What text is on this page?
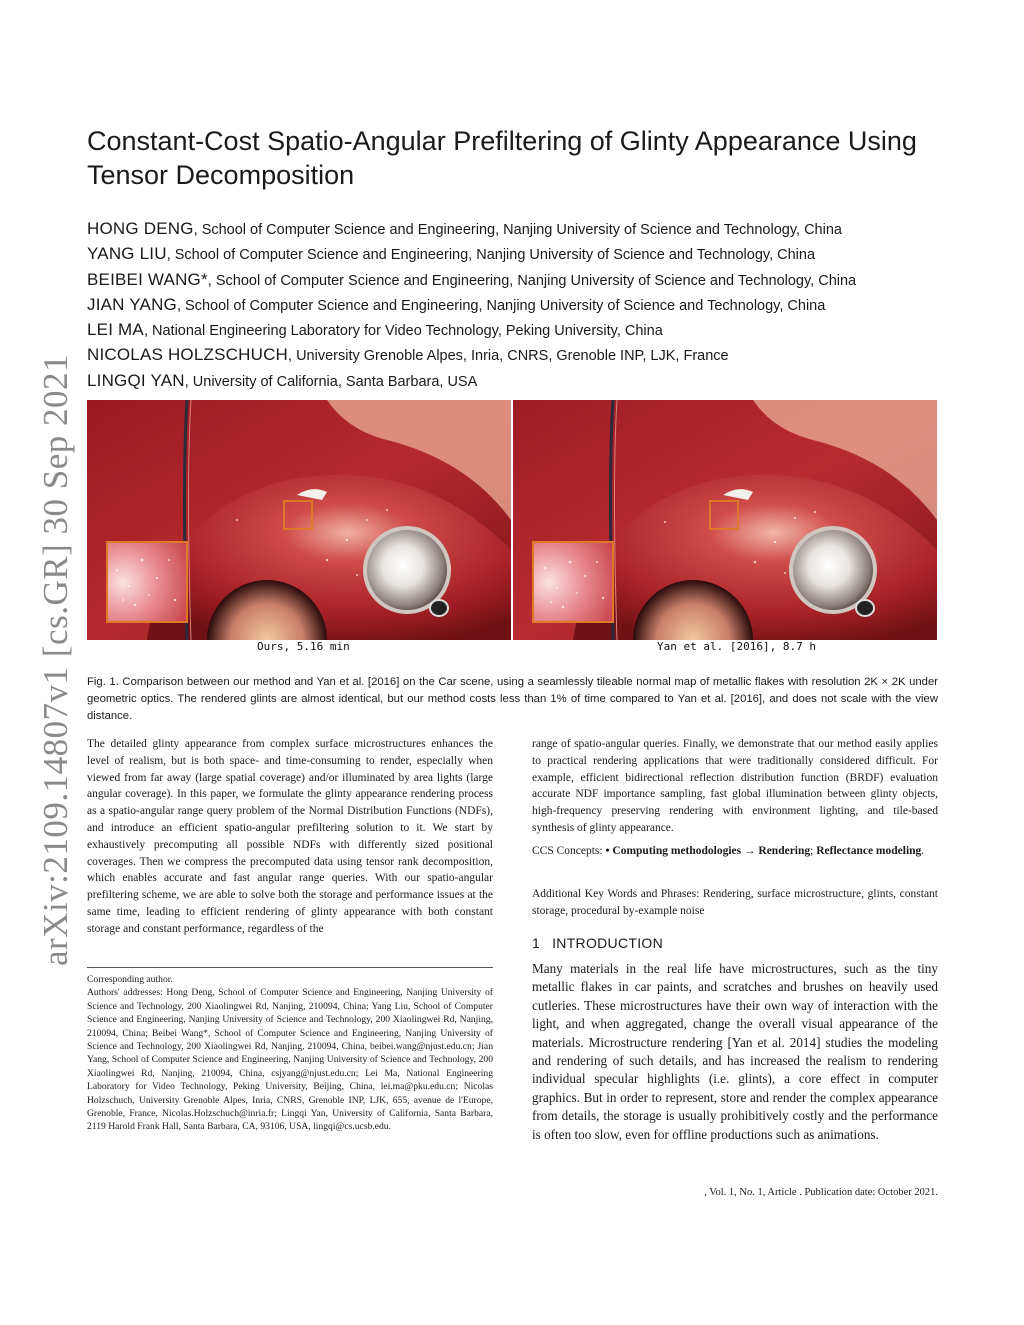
arXiv:2109.14807v1 [cs.GR] 30 Sep 2021
Constant-Cost Spatio-Angular Prefiltering of Glinty Appearance Using Tensor Decomposition
HONG DENG, School of Computer Science and Engineering, Nanjing University of Science and Technology, China
YANG LIU, School of Computer Science and Engineering, Nanjing University of Science and Technology, China
BEIBEI WANG*, School of Computer Science and Engineering, Nanjing University of Science and Technology, China
JIAN YANG, School of Computer Science and Engineering, Nanjing University of Science and Technology, China
LEI MA, National Engineering Laboratory for Video Technology, Peking University, China
NICOLAS HOLZSCHUCH, University Grenoble Alpes, Inria, CNRS, Grenoble INP, LJK, France
LINGQI YAN, University of California, Santa Barbara, USA
Ours, 5.16 min	Yan et al. [2016], 8.7 h

Fig. 1. Comparison between our method and Yan et al. [2016] on the Car scene, using a seamlessly tileable normal map of metallic flakes with resolution 2K × 2K under geometric optics. The rendered glints are almost identical, but our method costs less than 1% of time compared to Yan et al. [2016], and does not scale with the view distance.

The detailed glinty appearance from complex surface microstructures enhances the level of realism, but is both space- and time-consuming to render, especially when viewed from far away (large spatial coverage) and/or illuminated by area lights (large angular coverage). In this paper, we formulate the glinty appearance rendering process as a spatio-angular range query problem of the Normal Distribution Functions (NDFs), and introduce an efficient spatio-angular prefiltering solution to it. We start by exhaustively precomputing all possible NDFs with differently sized positional coverages. Then we compress the precomputed data using tensor rank decomposition, which enables accurate and fast angular range queries. With our spatio-angular prefiltering scheme, we are able to solve both the storage and performance issues at the same time, leading to efficient rendering of glinty appearance with both constant storage and constant performance, regardless of the

range of spatio-angular queries. Finally, we demonstrate that our method easily applies to practical rendering applications that were traditionally considered difficult. For example, efficient bidirectional reflection distribution function (BRDF) evaluation accurate NDF importance sampling, fast global illumination between glinty objects, high-frequency preserving rendering with environment lighting, and tile-based synthesis of glinty appearance.

CCS Concepts: • Computing methodologies → Rendering; Reflectance modeling.

Additional Key Words and Phrases: Rendering, surface microstructure, glints, constant storage, procedural by-example noise

1 INTRODUCTION

Many materials in the real life have microstructures, such as the tiny metallic flakes in car paints, and scratches and brushes on heavily used cutleries. These microstructures have their own way of interaction with the light, and when aggregated, change the overall visual appearance of the materials. Microstructure rendering [Yan et al. 2014] studies the modeling and rendering of such details, and has increased the realism to rendering individual specular highlights (i.e. glints), a core effect in computer graphics. But in order to represent, store and render the complex appearance from details, the storage is usually prohibitively costly and the performance is often too slow, even for offline productions such as animations.

Corresponding author.

Authors' addresses: Hong Deng, School of Computer Science and Engineering, Nanjing University of Science and Technology, 200 Xiaolingwei Rd, Nanjing, 210094, China; Yang Liu, School of Computer Science and Engineering, Nanjing University of Science and Technology, 200 Xiaolingwei Rd, Nanjing, 210094, China; Beibei Wang*, School of Computer Science and Engineering, Nanjing University of Science and Technology, 200 Xiaolingwei Rd, Nanjing, 210094, China, beibei.wang@njust.edu.cn; Jian Yang, School of Computer Science and Engineering, Nanjing University of Science and Technology, 200 Xiaolingwei Rd, Nanjing, 210094, China, csjyang@njust.edu.cn; Lei Ma, National Engineering Laboratory for Video Technology, Peking University, Beijing, China, lei.ma@pku.edu.cn; Nicolas Holzschuch, University Grenoble Alpes, Inria, CNRS, Grenoble INP, LJK, 655, avenue de l'Europe, Grenoble, France, Nicolas.Holzschuch@inria.fr; Lingqi Yan, University of California, Santa Barbara, 2119 Harold Frank Hall, Santa Barbara, CA, 93106, USA, lingqi@cs.ucsb.edu.

, Vol. 1, No. 1, Article . Publication date: October 2021.
